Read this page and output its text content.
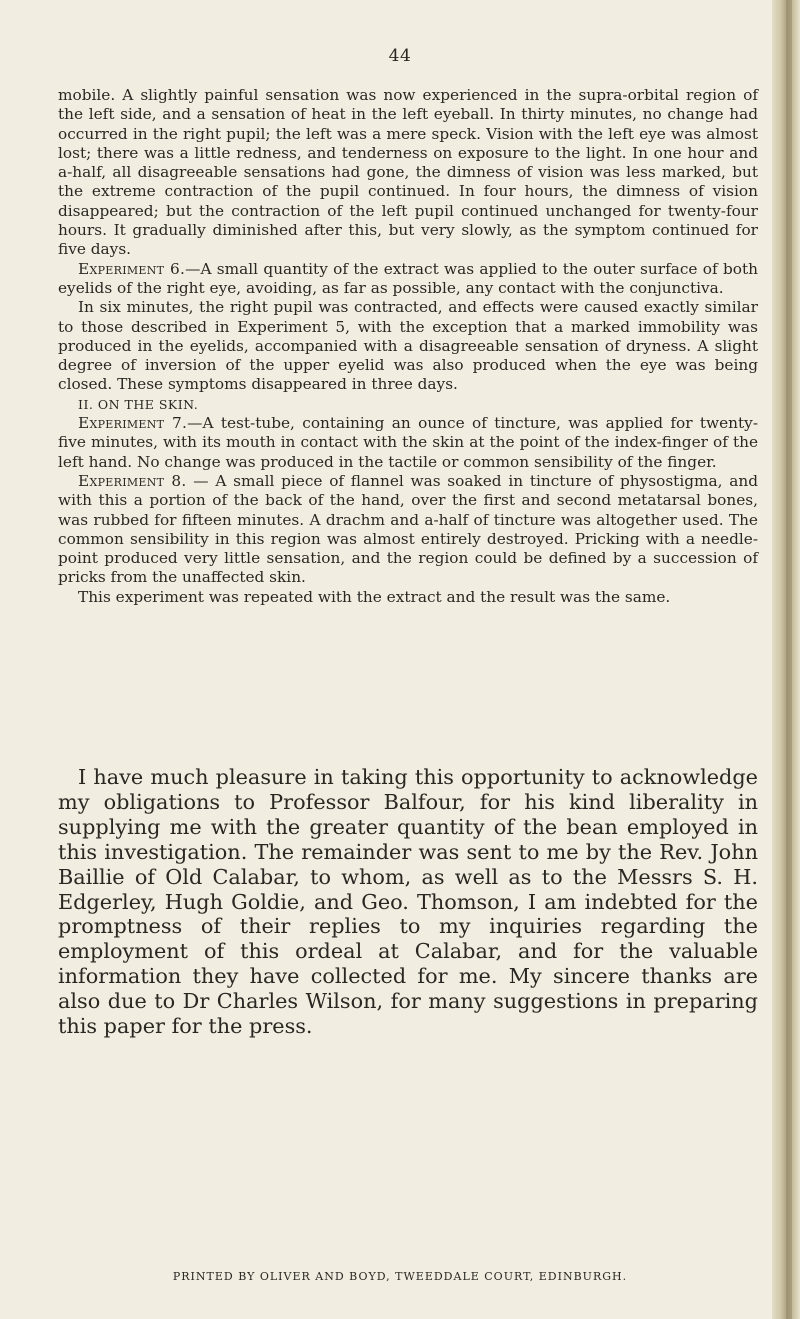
44

mobile. A slightly painful sensation was now experienced in the supra-orbital region of the left side, and a sensation of heat in the left eyeball. In thirty minutes, no change had occurred in the right pupil; the left was a mere speck. Vision with the left eye was almost lost; there was a little redness, and tenderness on exposure to the light. In one hour and a-half, all disagreeable sensations had gone, the dimness of vision was less marked, but the extreme contraction of the pupil continued. In four hours, the dimness of vision disappeared; but the contraction of the left pupil continued unchanged for twenty-four hours. It gradually diminished after this, but very slowly, as the symptom continued for five days.

Experiment 6.—A small quantity of the extract was applied to the outer surface of both eyelids of the right eye, avoiding, as far as possible, any contact with the conjunctiva.

In six minutes, the right pupil was contracted, and effects were caused exactly similar to those described in Experiment 5, with the exception that a marked immobility was produced in the eyelids, accompanied with a disagreeable sensation of dryness. A slight degree of inversion of the upper eyelid was also produced when the eye was being closed. These symptoms disappeared in three days.

II. ON THE SKIN.

Experiment 7.—A test-tube, containing an ounce of tincture, was applied for twenty-five minutes, with its mouth in contact with the skin at the point of the index-finger of the left hand. No change was produced in the tactile or common sensibility of the finger.

Experiment 8. — A small piece of flannel was soaked in tincture of physostigma, and with this a portion of the back of the hand, over the first and second metatarsal bones, was rubbed for fifteen minutes. A drachm and a-half of tincture was altogether used. The common sensibility in this region was almost entirely destroyed. Pricking with a needle-point produced very little sensation, and the region could be defined by a succession of pricks from the unaffected skin.

This experiment was repeated with the extract and the result was the same.

I have much pleasure in taking this opportunity to acknowledge my obligations to Professor Balfour, for his kind liberality in supplying me with the greater quantity of the bean employed in this investigation. The remainder was sent to me by the Rev. John Baillie of Old Calabar, to whom, as well as to the Messrs S. H. Edgerley, Hugh Goldie, and Geo. Thomson, I am indebted for the promptness of their replies to my inquiries regarding the employment of this ordeal at Calabar, and for the valuable information they have collected for me. My sincere thanks are also due to Dr Charles Wilson, for many suggestions in preparing this paper for the press.

PRINTED BY OLIVER AND BOYD, TWEEDDALE COURT, EDINBURGH.
